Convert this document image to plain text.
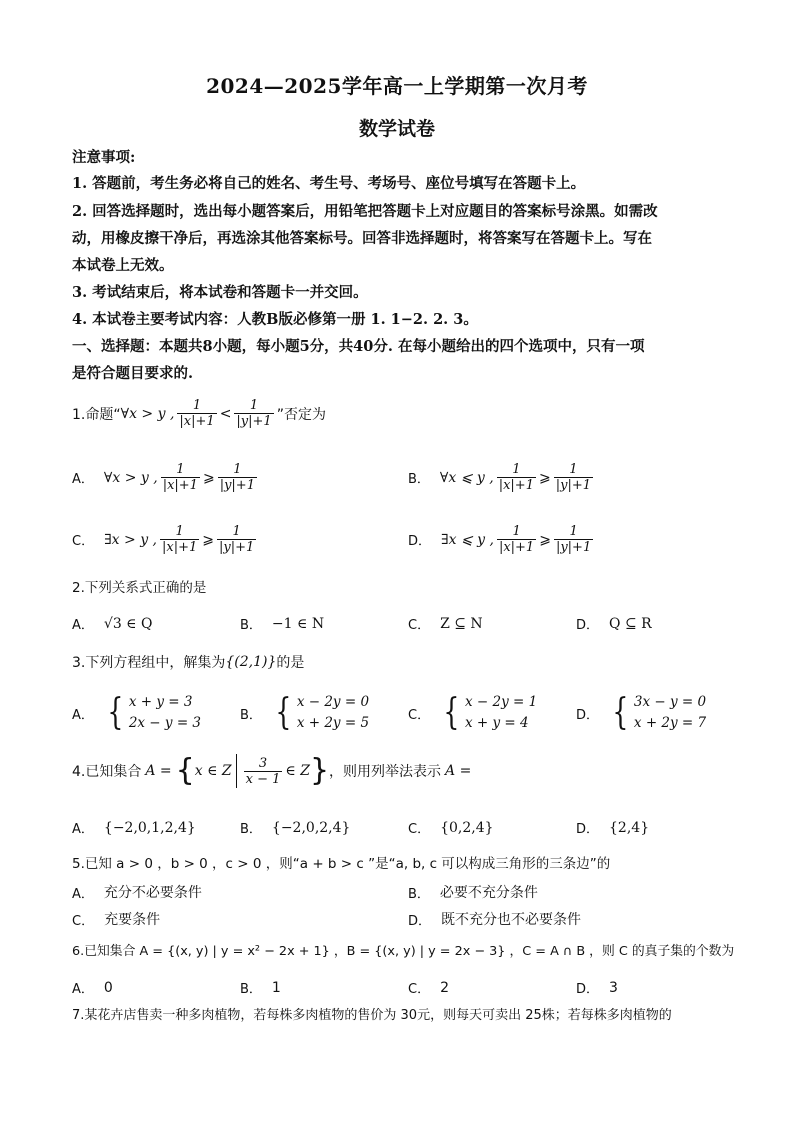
2024—2025学年高一上学期第一次月考
数学试卷
注意事项:
1. 答题前，考生务必将自己的姓名、考生号、考场号、座位号填写在答题卡上。
2. 回答选择题时，选出每小题答案后，用铅笔把答题卡上对应题目的答案标号涂黑。如需改
动，用橡皮擦干净后，再选涂其他答案标号。回答非选择题时，将答案写在答题卡上。写在
本试卷上无效。
3. 考试结束后，将本试卷和答题卡一并交回。
4. 本试卷主要考试内容：人教B版必修第一册 1. 1−2. 2. 3。
一、选择题：本题共8小题，每小题5分，共40分. 在每小题给出的四个选项中，只有一项
是符合题目要求的.
1.命题“ ∀x > y , $\frac{1}{|x|+1} < \frac{1}{|y|+1}$ ”否定为
A． ∀x > y , $\frac{1}{|x|+1}$ ⩾ $\frac{1}{|y|+1}$	B． ∀x ⩽ y , $\frac{1}{|x|+1}$ ⩾ $\frac{1}{|y|+1}$
C． ∃x > y , $\frac{1}{|x|+1}$ ⩾ $\frac{1}{|y|+1}$	D． ∃x ⩽ y , $\frac{1}{|x|+1}$ ⩾ $\frac{1}{|y|+1}$
2.下列关系式正确的是
A． √3 ∈ Q	B． −1 ∈ N	C． Z ⊆ N	D． Q ⊆ R
3.下列方程组中，解集为 {(2,1)} 的是
A． { x + y = 3
2x − y = 3	B． { x − 2y = 0
x + 2y = 5	C． { x − 2y = 1
x + y = 4	D． { 3x − y = 0
x + 2y = 7
4.已知集合 A = { x ∈ Z $\frac{3}{x - 1}$ ∈ Z } ，则用列举法表示 A =
A． {−2,0,1,2,4}	B． {−2,0,2,4}	C． {0,2,4}	D． {2,4}
5.已知 a > 0 ，b > 0 ，c > 0 ，则“a + b > c ”是“a, b, c 可以构成三角形的三条边”的
A． 充分不必要条件	B． 必要不充分条件
C． 充要条件	D． 既不充分也不必要条件
6.已知集合 A = {(x, y) | y = x² − 2x + 1} ，B = {(x, y) | y = 2x − 3} ，C = A ∩ B ，则 C 的真子集的个数为
A． 0	B． 1	C． 2	D． 3
7.某花卉店售卖一种多肉植物，若每株多肉植物的售价为 30元，则每天可卖出 25株；若每株多肉植物的
